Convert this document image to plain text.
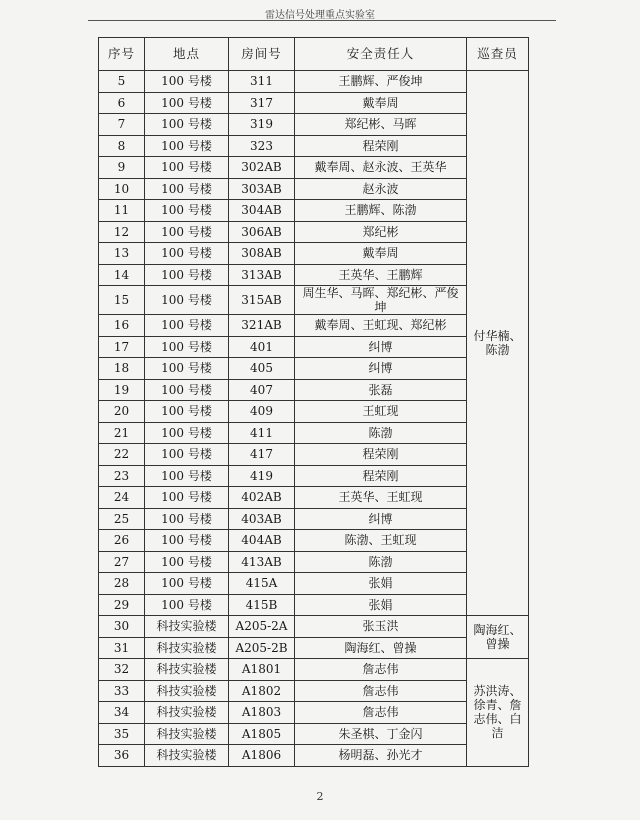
雷达信号处理重点实验室
序号	地点	房间号	安全责任人	巡查员
5	100 号楼	311	王鹏辉、严俊坤	付华楠、陈渤
6	100 号楼	317	戴奉周	
7	100 号楼	319	郑纪彬、马晖	
8	100 号楼	323	程荣刚	
9	100 号楼	302AB	戴奉周、赵永波、王英华	
10	100 号楼	303AB	赵永波	
11	100 号楼	304AB	王鹏辉、陈渤	
12	100 号楼	306AB	郑纪彬	
13	100 号楼	308AB	戴奉周	
14	100 号楼	313AB	王英华、王鹏辉	
15	100 号楼	315AB	周生华、马晖、郑纪彬、严俊坤	
16	100 号楼	321AB	戴奉周、王虹现、郑纪彬	
17	100 号楼	401	纠博	
18	100 号楼	405	纠博	
19	100 号楼	407	张磊	
20	100 号楼	409	王虹现	
21	100 号楼	411	陈渤	
22	100 号楼	417	程荣刚	
23	100 号楼	419	程荣刚	
24	100 号楼	402AB	王英华、王虹现	
25	100 号楼	403AB	纠博	
26	100 号楼	404AB	陈渤、王虹现	
27	100 号楼	413AB	陈渤	
28	100 号楼	415A	张娟	
29	100 号楼	415B	张娟	
30	科技实验楼	A205-2A	张玉洪	陶海红、曾操
31	科技实验楼	A205-2B	陶海红、曾操	
32	科技实验楼	A1801	詹志伟	苏洪涛、徐青、詹志伟、白洁
33	科技实验楼	A1802	詹志伟	
34	科技实验楼	A1803	詹志伟	
35	科技实验楼	A1805	朱圣棋、丁金闪	
36	科技实验楼	A1806	杨明磊、孙光才	
2
